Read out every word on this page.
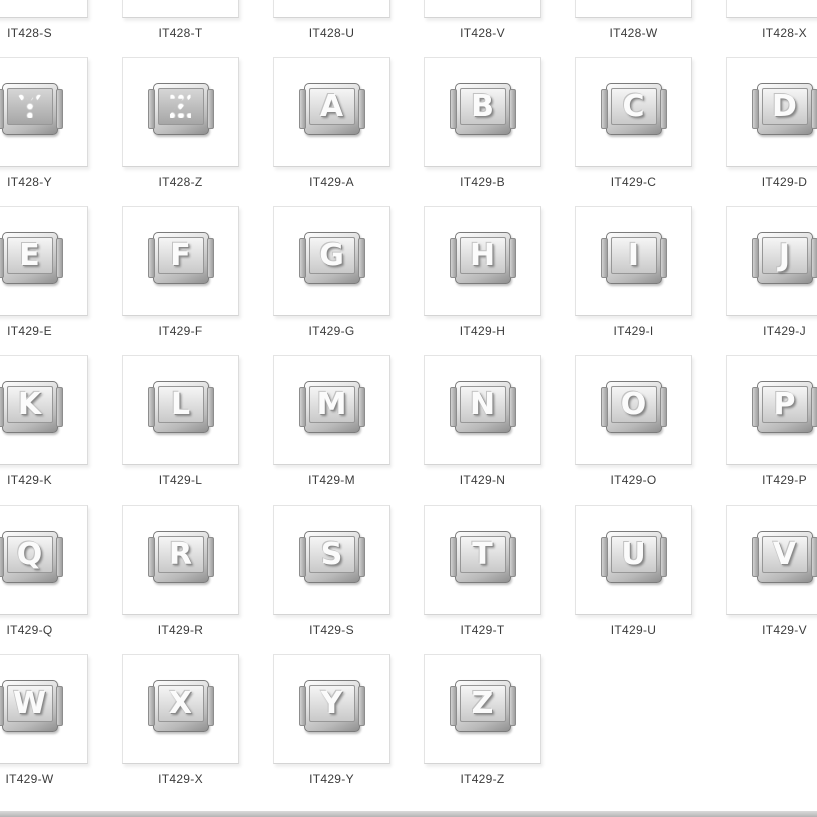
IT428-S	IT428-T	IT428-U	IT428-V	IT428-W	IT428-X
Y
IT428-Y
Z
IT428-Z
A
IT429-A
B
IT429-B
C
IT429-C
D
IT429-D
E
IT429-E
F
IT429-F
G
IT429-G
H
IT429-H
I
IT429-I
J
IT429-J
K
IT429-K
L
IT429-L
M
IT429-M
N
IT429-N
O
IT429-O
P
IT429-P
Q
IT429-Q
R
IT429-R
S
IT429-S
T
IT429-T
U
IT429-U
V
IT429-V
W
IT429-W
X
IT429-X
Y
IT429-Y
Z
IT429-Z
